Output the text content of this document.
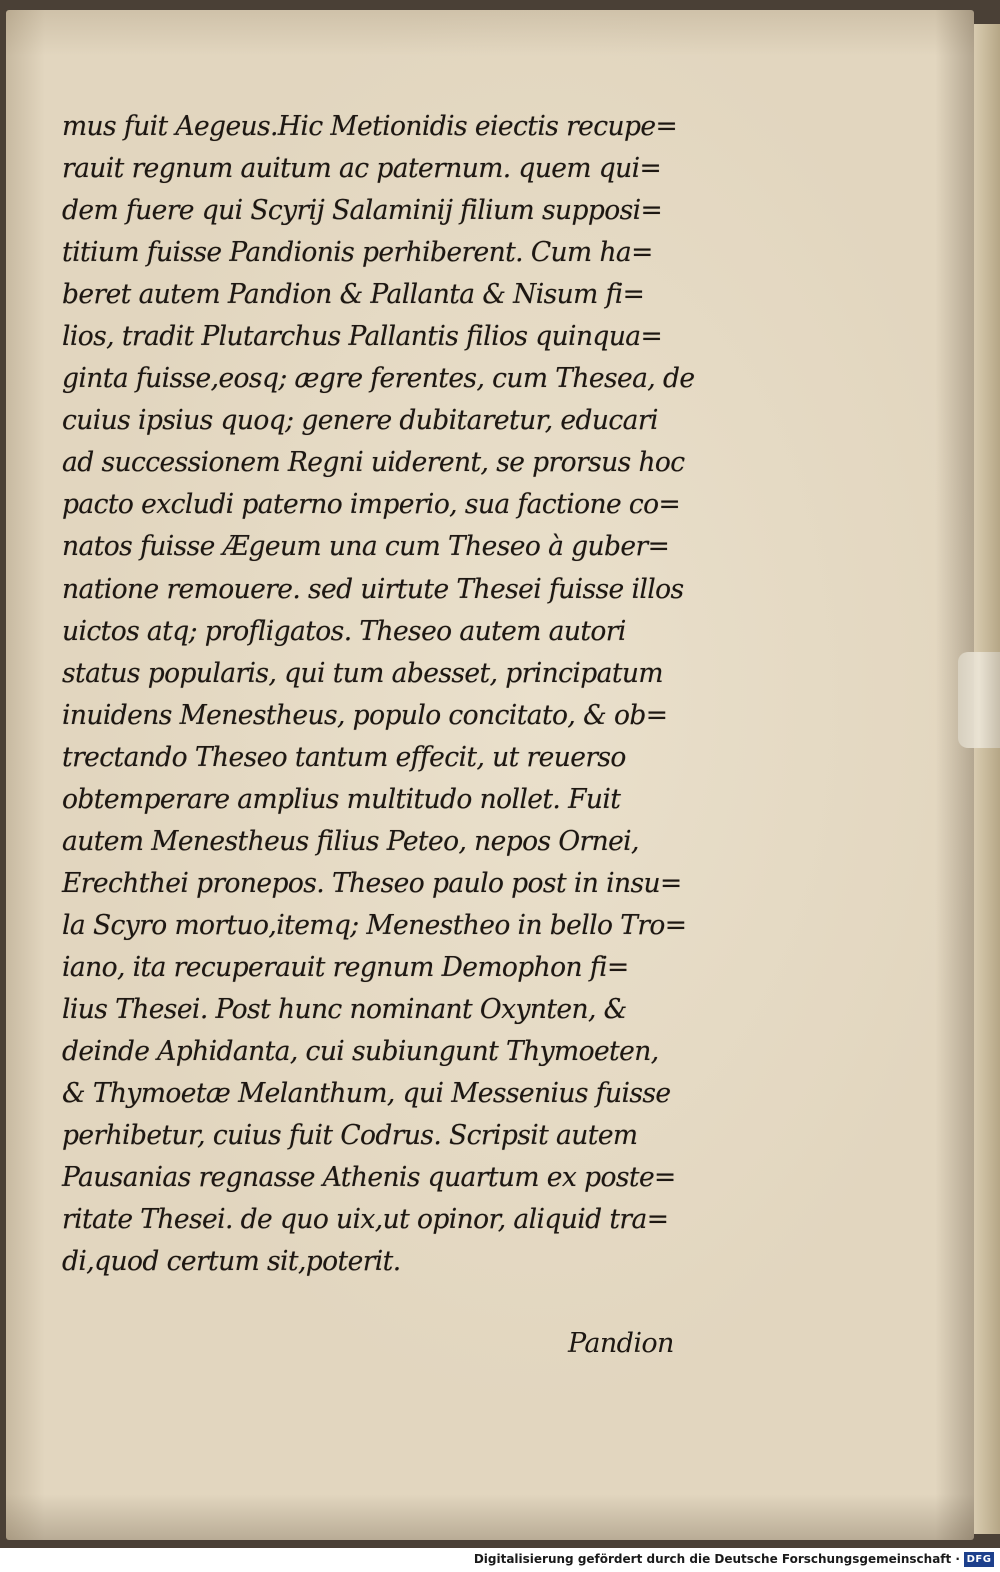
mus fuit Aegeus.Hic Metionidis eiectis recupe=
rauit regnum auitum ac paternum. quem qui=
dem fuere qui Scyrij Salaminij filium supposi=
titium fuisse Pandionis perhiberent. Cum ha=
beret autem Pandion & Pallanta & Nisum fi=
lios, tradit Plutarchus Pallantis filios quinqua=
ginta fuisse,eosq; ægre ferentes, cum Thesea, de
cuius ipsius quoq; genere dubitaretur, educari
ad successionem Regni uiderent, se prorsus hoc
pacto excludi paterno imperio, sua factione co=
natos fuisse Ægeum una cum Theseo à guber=
natione remouere. sed uirtute Thesei fuisse illos
uictos atq; profligatos. Theseo autem autori
status popularis, qui tum abesset, principatum
inuidens Menestheus, populo concitato, & ob=
trectando Theseo tantum effecit, ut reuerso
obtemperare amplius multitudo nollet. Fuit
autem Menestheus filius Peteo, nepos Ornei,
Erechthei pronepos. Theseo paulo post in insu=
la Scyro mortuo,itemq; Menestheo in bello Tro=
iano, ita recuperauit regnum Demophon fi=
lius Thesei. Post hunc nominant Oxynten, &
deinde Aphidanta, cui subiungunt Thymoeten,
& Thymoetæ Melanthum, qui Messenius fuisse
perhibetur, cuius fuit Codrus. Scripsit autem
Pausanias regnasse Athenis quartum ex poste=
ritate Thesei. de quo uix,ut opinor, aliquid tra=
di,quod certum sit,poterit.
Pandion
Digitalisierung gefördert durch die Deutsche Forschungsgemeinschaft · DFG
